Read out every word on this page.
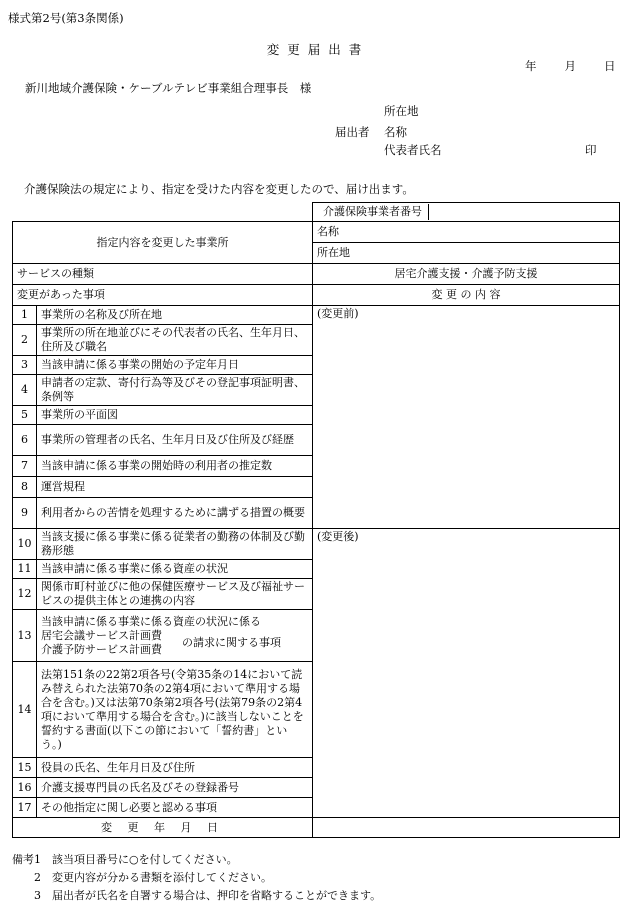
様式第2号(第3条関係)
変 更 届 出 書
年 月 日
新川地域介護保険・ケーブルテレビ事業組合理事長　様
所在地
届出者 名称
代表者氏名	印
介護保険法の規定により、指定を受けた内容を変更したので、届け出ます。

		介護保険事業者番号

指定内容を変更した事業所		名称
		所在地
サービスの種類		居宅介護支援・介護予防支援
変更があった事項		変 更 の 内 容
1	事業所の名称及び所在地	(変更前)
2	事業所の所在地並びにその代表者の氏名、生年月日、住所及び職名	
3	当該申請に係る事業の開始の予定年月日	
4	申請者の定款、寄付行為等及びその登記事項証明書、条例等	
5	事業所の平面図	
6	事業所の管理者の氏名、生年月日及び住所及び経歴	
7	当該申請に係る事業の開始時の利用者の推定数	
8	運営規程	
9	利用者からの苦情を処理するために講ずる措置の概要	
10	当該支援に係る事業に係る従業者の勤務の体制及び勤務形態	(変更後)
11	当該申請に係る事業に係る資産の状況	
12	関係市町村並びに他の保健医療サービス及び福祉サービスの提供主体との連携の内容	
13	当該申請に係る事業に係る資産の状況に係る
居宅会議サービス計画費
介護予防サービス計画費
の請求に関する事項	

14	法第151条の22第2項各号(令第35条の14において読み替えられた法第70条の2第4項において準用する場合を含む。)又は法第70条第2項各号(法第79条の2第4項において準用する場合を含む。)に該当しないことを誓約する書面(以下この節において「誓約書」という。)	
15	役員の氏名、生年月日及び住所	
16	介護支援専門員の氏名及びその登録番号	
17	その他指定に関し必要と認める事項	
変 更 年 月 日		
備考1　該当項目番号に○を付してください。
2　変更内容が分かる書類を添付してください。
3　届出者が氏名を自署する場合は、押印を省略することができます。
